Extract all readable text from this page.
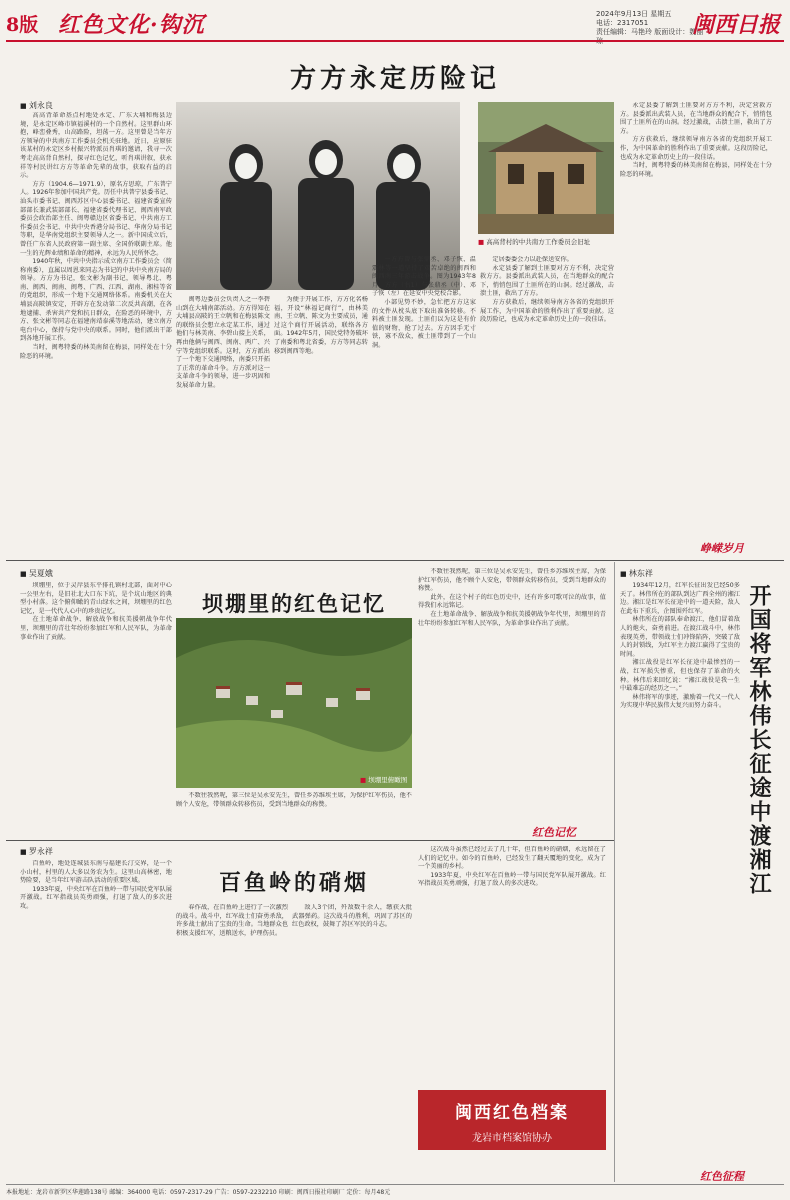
8版 红色文化·钩沉	2024年9月13日 星期五
电话：2317051
责任编辑：马艳玲 版面设计：魏丽
闽西日报
方方永定历险记
■ 刘永良

高高背革命基点村地处永定、广东大埔和梅县边境，是永定区峰市镇福溪村的一个自然村。这里群山环抱，峰峦叠秀，山高路险，坦荡一方。这里曾是当年方方领导的中共南方工作委员会机关驻地。近日，应原驻该某村的永定区乡村振兴特派员肖琪的邀请，我寻一次考走高高背自然村，探寻红色记忆，听肖琪讲叙，获永祥等村民讲红方方等革命先辈的故事，获取有益的启示。

方方（1904.6—1971.9），原名方思琼，广东普宁人。1926年参加中国共产党。历任中共普宁县委书记、汕头市委书记、闽西苏区中心县委书记、福建省委宣传部部长兼武装部部长、福建省委代理书记、闽西南军政委员会政治部主任、闽粤赣边区省委书记、中共南方工作委员会书记、中共中央香港分局书记、华南分局书记等职，是华南党组织主要领导人之一。新中国成立后，曾任广东省人民政府第一副主席、全国侨联副主席。他一生的光辉业绩和革命的精神，永远为人民所怀念。

1940年秋，中共中央指示成立南方工作委员会（简称南委），直属以周恩来同志为书记的中共中央南方局的领导。方方为书记，张文彬为副书记，领导粤北、粤南、闽西、闽南、闽粤、广西、江西、湖南、湘桂等省的党组织，形成一个地下交通网络体系。南委机关在大埔县高陂镇安定，开辟方在发动第二次反共高潮，在各地逮捕、杀害共产党和抗日群众，在险恶的环境中，方方、张文彬等同志在福建南靖泰溪等地活动，建立南方电台中心，保持与党中央的联系。同时，他们派出干部到各地开展工作。

当时，闽粤特委的林美南留在梅县，同样处在十分险恶的环境。

■ 高高背村的中共南方工作委员会旧址

闽粤边委员会负责人之一李碧山到在大埔南部活动。方方得知在大埔县高陂的王立帆和在梅县陈文的联络员会想立永定某工作，通过他们与林美南、李碧山接上关系，再由他俩与闽西、闽南、两广、兴宁等党组织联系。这时，方方派出了一个地下交通网络，南委只开拓了正常的革命斗争。方方派对这一支革命斗争的领导，进一步巩固和发展革命力量。

为便于开展工作，方方化名杨福，开设“林福记商行”，由林美南、王立帆、陈文为主要成员，通过这个商行开展活动，联络各方面。1942年5月，国民党特务破坏了南委和粤北省委，方方等同志转移到闽西等地。

一方方曾与张鼎丞、邓子恢、温震林等一道坚持了艰苦卓绝的闽西和闽西南三年游击战争。图为1943年8月，方方（右1）与张鼎丞（中）、邓子恢（左）在延安中央党校合影。

小部见势不妙，急忙把方方这家的文件从枕头底下取出准备转移。不料被土匪发现。土匪们以为这是有价值的财物，抢了过去。方方因手无寸铁，寡不敌众，被土匪带到了一个山洞。

定居委委会力以赴保送安你。

永定县委了解到土匪要对方方不利，决定营救方方。县委派出武装人员，在当地群众的配合下，悄悄包围了土匪所在的山洞。经过激战，击溃土匪，救出了方方。

方方获救后，继续领导南方各省的党组织开展工作，为中国革命的胜利作出了重要贡献。这段历险记，也成为永定革命历史上的一段佳话。

永定县委了解到土匪要对方方不利，决定营救方方。县委派出武装人员，在当地群众的配合下，悄悄包围了土匪所在的山洞。经过激战，击溃土匪，救出了方方。

方方获救后，继续领导南方各省的党组织开展工作，为中国革命的胜利作出了重要贡献。这段历险记，也成为永定革命历史上的一段佳话。

当时，闽粤特委的林美南留在梅县，同样处在十分险恶的环境。

峥嵘岁月
■ 吴夏娥
坝堋里的红色记忆

坝堋里，位于灵岸县东平排孔镇村北部，面对中心一公里左右，是旧社北大口东下坑，是个坑山地区的典型小村落。这个俯仰瞰的青山绿水之间，坝堋里的红色记忆，是一代代人心中的珍贵记忆。

在土地革命战争、解放战争和抗美援朝战争年代里，坝堋里的青壮年纷纷参加红军和人民军队，为革命事业作出了贡献。

■ 坝堋里俯瞰图

不数往我然呢，第三位是吴永安先生，曾任乡苏维埃主席，为保护红军伤员，他不顾个人安危，带领群众转移伤员，受到当地群众的称赞。

不数往我然呢，第三位是吴永安先生，曾任乡苏维埃主席，为保护红军伤员，他不顾个人安危，带领群众转移伤员，受到当地群众的称赞。

此外，在这个村子的红色历史中，还有许多可歌可泣的故事，值得我们永远铭记。

在土地革命战争、解放战争和抗美援朝战争年代里，坝堋里的青壮年纷纷参加红军和人民军队，为革命事业作出了贡献。

红色记忆
■ 林东祥

1934年12月，红军长征出发已经50多天了。林伟所在的部队到达广西全州的湘江边。湘江是红军长征途中的一道天险，敌人在此布下重兵，企图围歼红军。

林伟所在的部队奉命渡江，他们冒着敌人的炮火，奋勇前进。在渡江战斗中，林伟表现英勇，带领战士们冲锋陷阵，突破了敌人的封锁线，为红军主力渡江赢得了宝贵的时间。

湘江战役是红军长征途中最惨烈的一战，红军损失惨重，但也保存了革命的火种。林伟后来回忆说：“湘江战役是我一生中最难忘的经历之一。”

林伟将军的事迹，激励着一代又一代人为实现中华民族伟大复兴而努力奋斗。 开国将军林伟长征途中渡湘江
红色征程
■ 罗永祥
百鱼岭的硝烟

百鱼岭，地处连城县东南与福建长汀交界，是一个小山村，村里的人大多以务农为生。这里山高林密，地势险要，是当年红军游击队活动的重要区域。

1933年夏，中央红军在百鱼岭一带与国民党军队展开激战。红军指战员英勇顽强，打退了敌人的多次进攻。	春作战，在百鱼岭上进行了一次激烈的战斗。战斗中，红军战士们奋勇杀敌，许多战士献出了宝贵的生命。当地群众也积极支援红军，送粮送水，护理伤员。

敌人3个团，歼敌数千余人，缴获大批武器弹药。这次战斗的胜利，巩固了苏区的红色政权，鼓舞了苏区军民的斗志。

这次战斗虽然已经过去了几十年，但百鱼岭的硝烟，永远留在了人们的记忆中。如今的百鱼岭，已经发生了翻天覆地的变化，成为了一个美丽的乡村。

1933年夏，中央红军在百鱼岭一带与国民党军队展开激战。红军指战员英勇顽强，打退了敌人的多次进攻。

闽西红色档案
龙岩市档案馆协办
本报地址：龙岩市新罗区华莲路138号 邮编：364000 电话：0597-2317-29 广告：0597-2232210 印刷：闽西日报社印刷厂 定价：每月48元
